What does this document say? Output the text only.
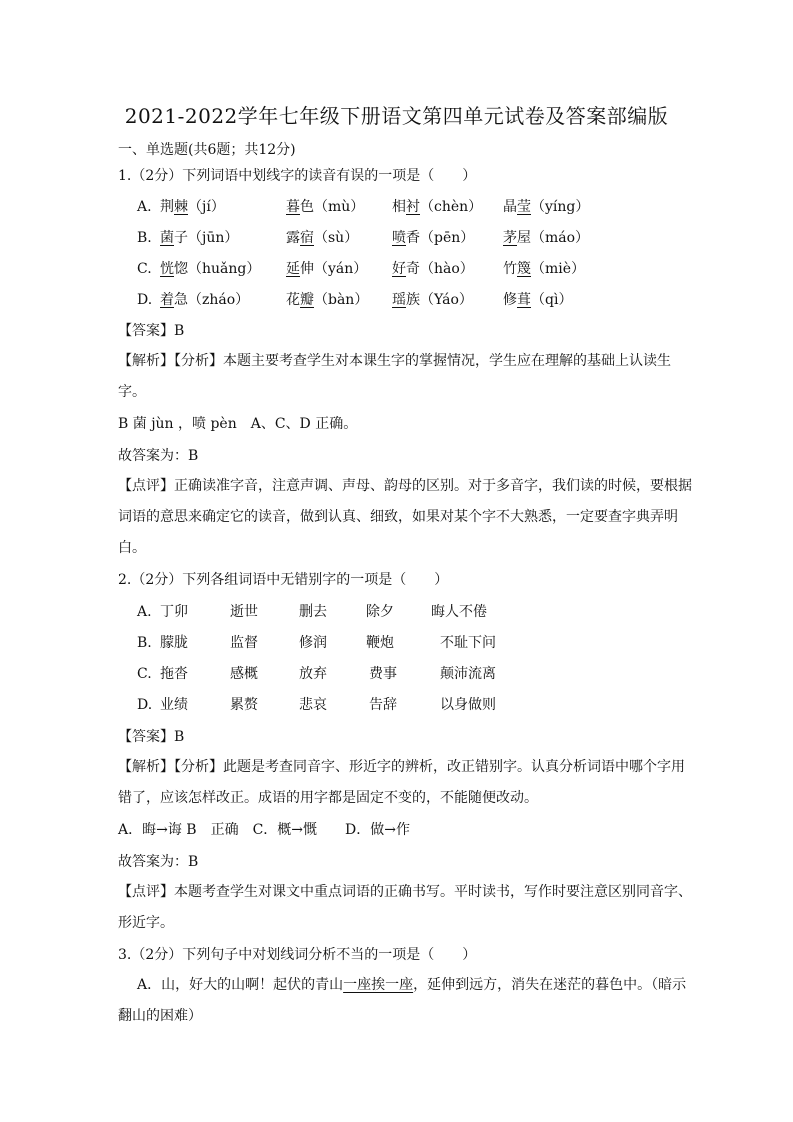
2021-2022学年七年级下册语文第四单元试卷及答案部编版
一、单选题(共6题；共12分)
1.（2分）下列词语中划线字的读音有误的一项是（　　）
A. 荆棘（jí）	暮色（mù） 相衬（chèn） 晶莹（yíng）
B. 菌子（jūn）	露宿（sù） 喷香（pēn） 茅屋（máo）
C. 恍惚（huǎng） 延伸（yán） 好奇（hào） 竹篾（miè）
D. 着急（zháo）	花瓣（bàn） 瑶族（Yáo） 修葺（qì）
【答案】B
【解析】【分析】本题主要考查学生对本课生字的掌握情况，学生应在理解的基础上认读生字。
B 菌 jùn ，喷 pèn　A、C、D 正确。
故答案为：B
【点评】正确读准字音，注意声调、声母、韵母的区别。对于多音字，我们读的时候，要根据词语的意思来确定它的读音，做到认真、细致，如果对某个字不大熟悉，一定要查字典弄明白。
2.（2分）下列各组词语中无错别字的一项是（　　）
A. 丁卯	逝世	删去	除夕	晦人不倦
B. 朦胧	监督	修润	鞭炮	不耻下问
C. 拖沓	感概	放弃	费事	颠沛流离
D. 业绩	累赘	悲哀	告辞	以身做则
【答案】B
【解析】【分析】此题是考查同音字、形近字的辨析，改正错别字。认真分析词语中哪个字用错了，应该怎样改正。成语的用字都是固定不变的，不能随便改动。
A．晦→诲 B　正确　C．概→慨　　D．做→作
故答案为：B
【点评】本题考查学生对课文中重点词语的正确书写。平时读书，写作时要注意区别同音字、形近字。
3.（2分）下列句子中对划线词分析不当的一项是（　　）
A．山，好大的山啊！起伏的青山一座挨一座，延伸到远方，消失在迷茫的暮色中。（暗示翻山的困难）
